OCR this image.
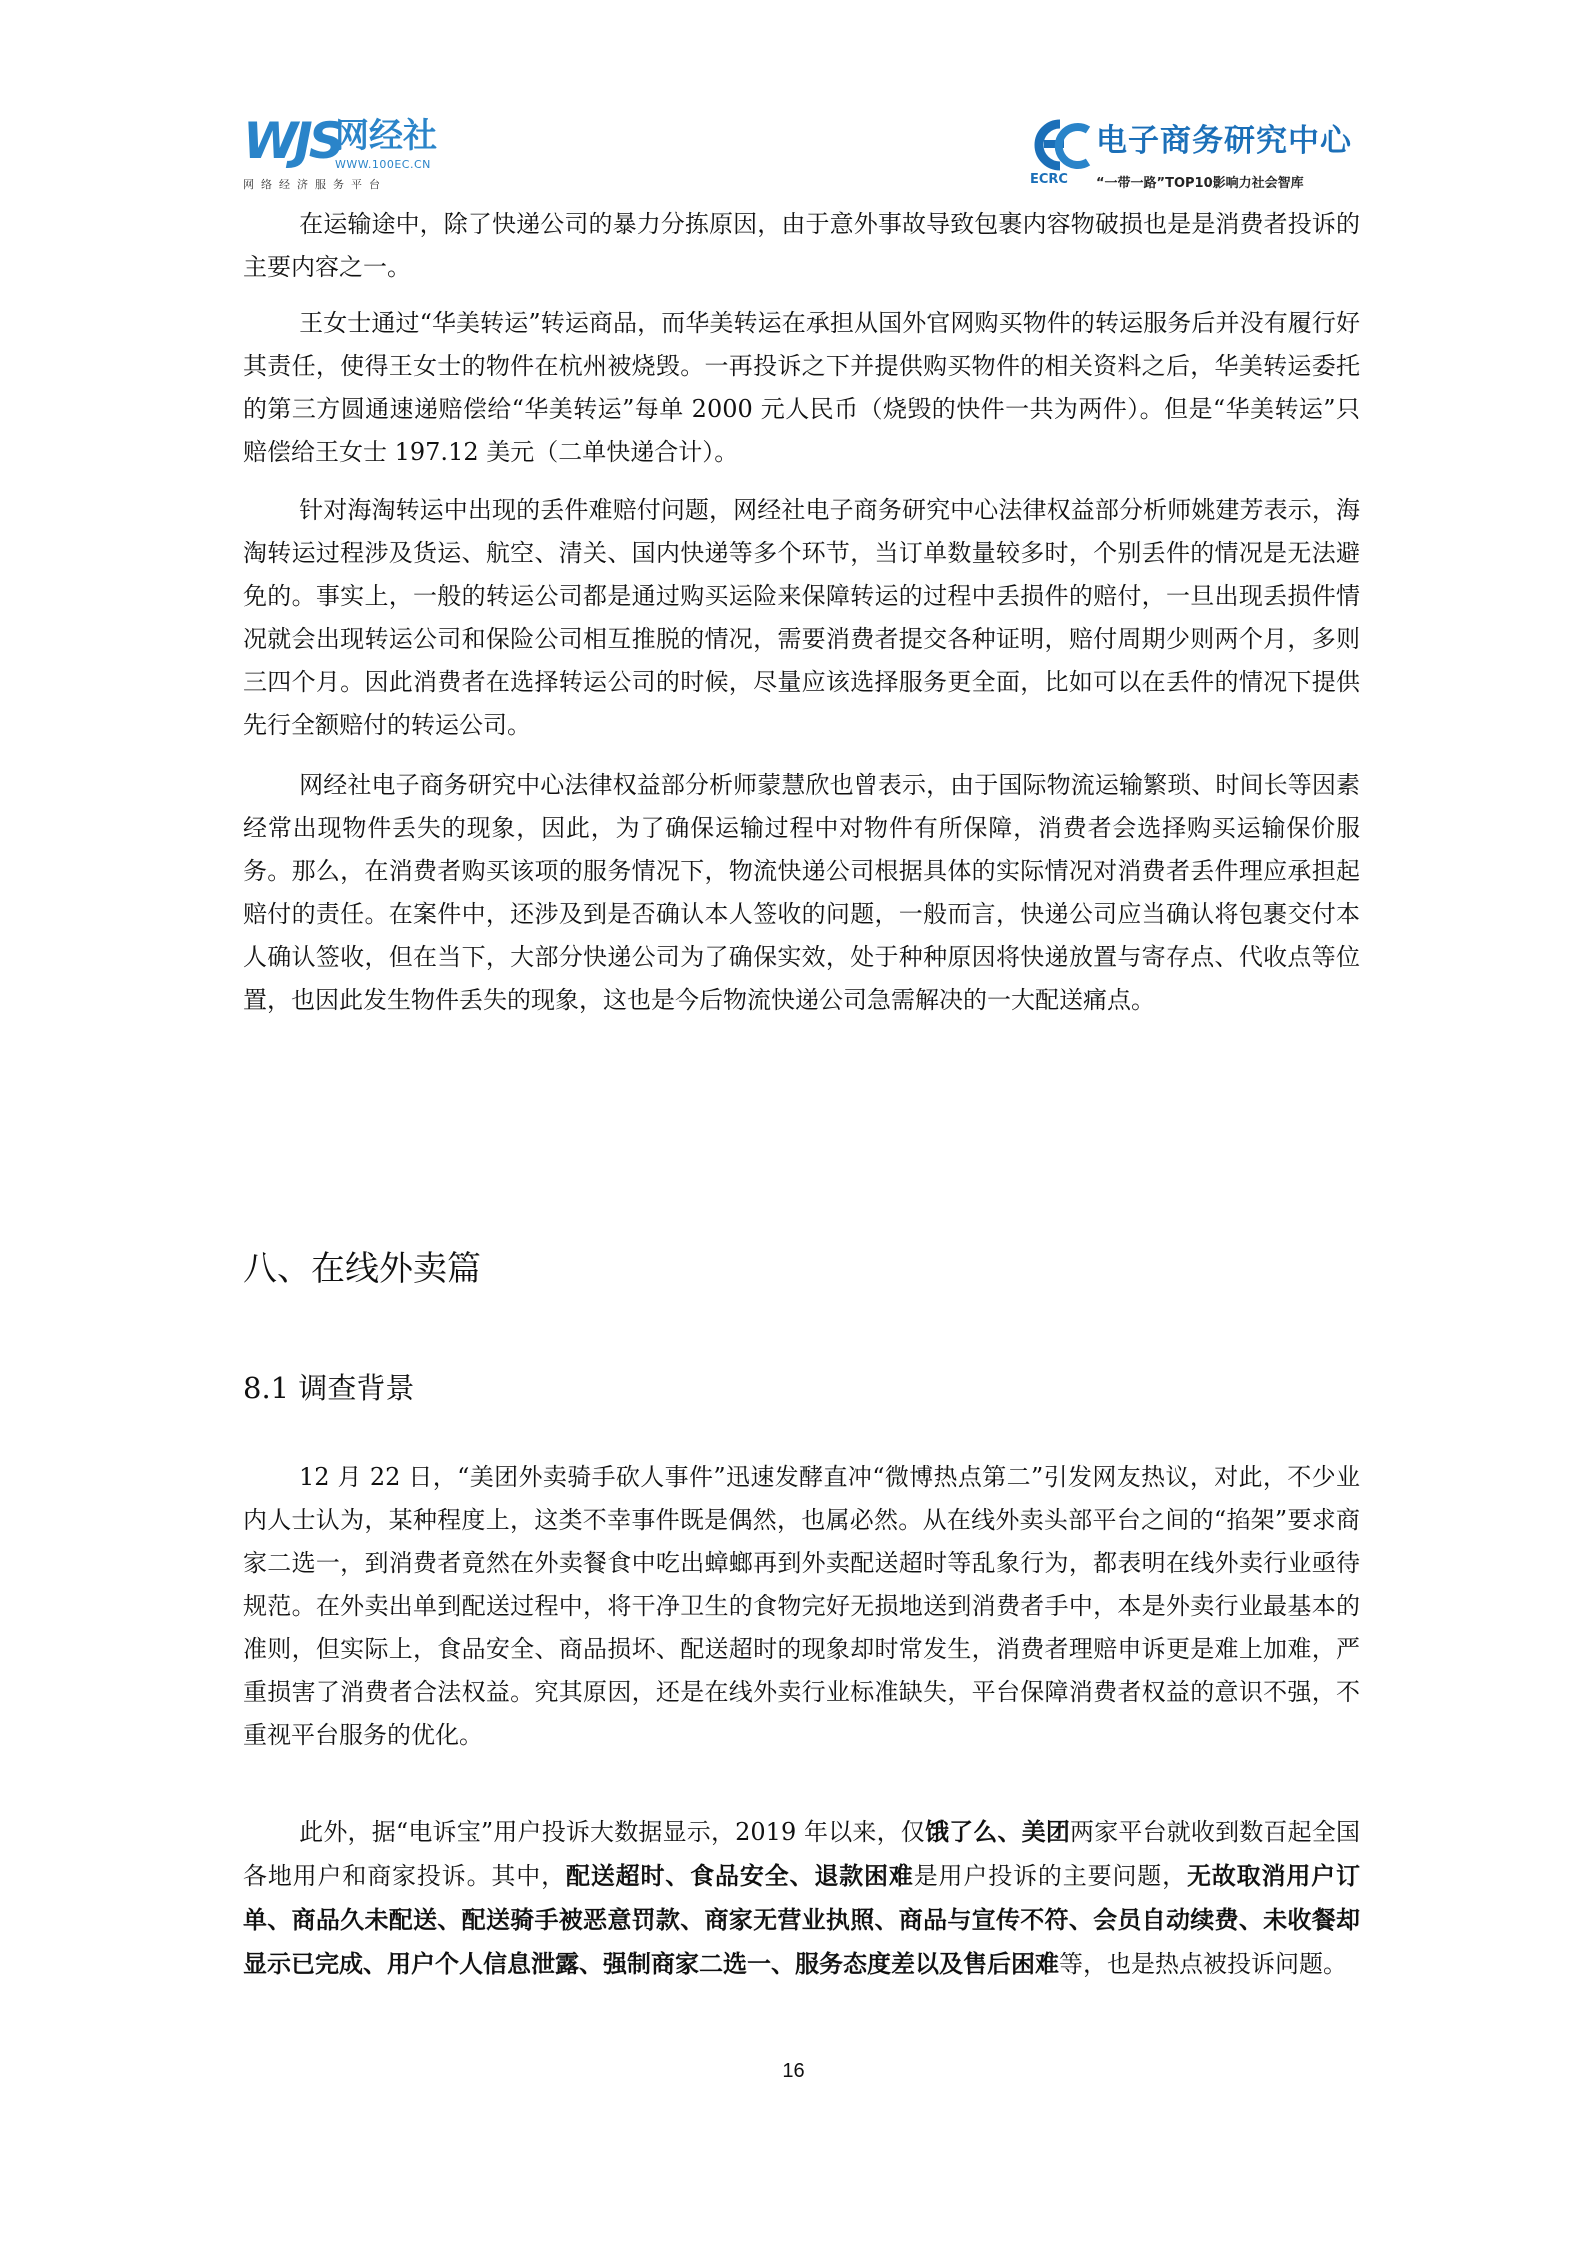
WJS
网经社
WWW.100EC.CN
网络经济服务平台
电子商务研究中心
ECRC “一带一路”TOP10影响力社会智库

在运输途中，除了快递公司的暴力分拣原因，由于意外事故导致包裹内容物破损也是是消费者投诉的主要内容之一。

王女士通过“华美转运”转运商品，而华美转运在承担从国外官网购买物件的转运服务后并没有履行好其责任，使得王女士的物件在杭州被烧毁。一再投诉之下并提供购买物件的相关资料之后，华美转运委托的第三方圆通速递赔偿给“华美转运”每单 2000 元人民币（烧毁的快件一共为两件）。但是“华美转运”只赔偿给王女士 197.12 美元（二单快递合计）。

针对海淘转运中出现的丢件难赔付问题，网经社电子商务研究中心法律权益部分析师姚建芳表示，海淘转运过程涉及货运、航空、清关、国内快递等多个环节，当订单数量较多时，个别丢件的情况是无法避免的。事实上，一般的转运公司都是通过购买运险来保障转运的过程中丢损件的赔付，一旦出现丢损件情况就会出现转运公司和保险公司相互推脱的情况，需要消费者提交各种证明，赔付周期少则两个月，多则三四个月。因此消费者在选择转运公司的时候，尽量应该选择服务更全面，比如可以在丢件的情况下提供先行全额赔付的转运公司。

网经社电子商务研究中心法律权益部分析师蒙慧欣也曾表示，由于国际物流运输繁琐、时间长等因素经常出现物件丢失的现象，因此，为了确保运输过程中对物件有所保障，消费者会选择购买运输保价服务。那么，在消费者购买该项的服务情况下，物流快递公司根据具体的实际情况对消费者丢件理应承担起赔付的责任。在案件中，还涉及到是否确认本人签收的问题，一般而言，快递公司应当确认将包裹交付本人确认签收，但在当下，大部分快递公司为了确保实效，处于种种原因将快递放置与寄存点、代收点等位置，也因此发生物件丢失的现象，这也是今后物流快递公司急需解决的一大配送痛点。

八、在线外卖篇
8.1 调查背景

12 月 22 日，“美团外卖骑手砍人事件”迅速发酵直冲“微博热点第二”引发网友热议，对此，不少业内人士认为，某种程度上，这类不幸事件既是偶然，也属必然。从在线外卖头部平台之间的“掐架”要求商家二选一，到消费者竟然在外卖餐食中吃出蟑螂再到外卖配送超时等乱象行为，都表明在线外卖行业亟待规范。在外卖出单到配送过程中，将干净卫生的食物完好无损地送到消费者手中，本是外卖行业最基本的准则，但实际上，食品安全、商品损坏、配送超时的现象却时常发生，消费者理赔申诉更是难上加难，严重损害了消费者合法权益。究其原因，还是在线外卖行业标准缺失，平台保障消费者权益的意识不强，不重视平台服务的优化。

此外，据“电诉宝”用户投诉大数据显示，2019 年以来，仅饿了么、美团两家平台就收到数百起全国各地用户和商家投诉。其中，配送超时、食品安全、退款困难是用户投诉的主要问题，无故取消用户订单、商品久未配送、配送骑手被恶意罚款、商家无营业执照、商品与宣传不符、会员自动续费、未收餐却显示已完成、用户个人信息泄露、强制商家二选一、服务态度差以及售后困难等，也是热点被投诉问题。

16
